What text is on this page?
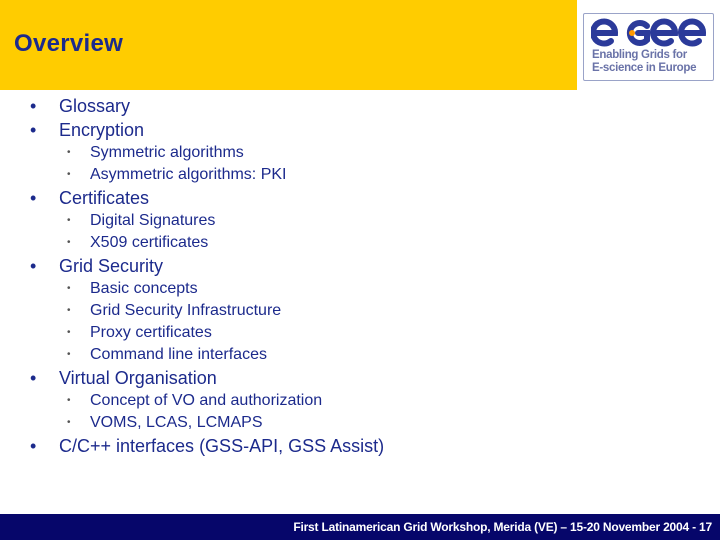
Overview	Enabling Grids for
E-science in Europe
• Glossary
• Encryption
• Symmetric algorithms
• Asymmetric algorithms: PKI
• Certificates
• Digital Signatures
• X509 certificates
• Grid Security
• Basic concepts
• Grid Security Infrastructure
• Proxy certificates
• Command line interfaces
• Virtual Organisation
• Concept of VO and authorization
• VOMS, LCAS, LCMAPS
• C/C++ interfaces (GSS-API, GSS Assist)
First Latinamerican Grid Workshop, Merida (VE) – 15-20 November 2004 - 17
